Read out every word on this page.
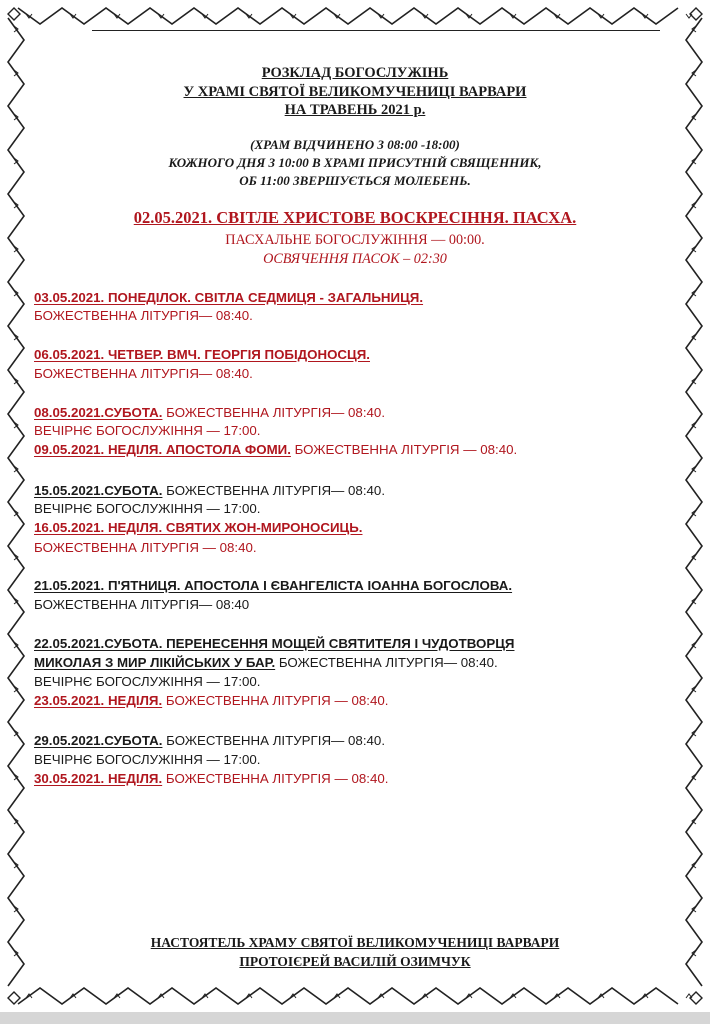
РОЗКЛАД БОГОСЛУЖІНЬ
У ХРАМІ СВЯТОЇ ВЕЛИКОМУЧЕНИЦІ ВАРВАРИ
НА ТРАВЕНЬ 2021 р.
(ХРАМ ВІДЧИНЕНО З 08:00 -18:00)
КОЖНОГО ДНЯ З 10:00 В ХРАМІ ПРИСУТНІЙ СВЯЩЕННИК,
ОБ 11:00 ЗВЕРШУЄТЬСЯ МОЛЕБЕНЬ.
02.05.2021. СВІТЛЕ ХРИСТОВЕ ВОСКРЕСІННЯ. ПАСХА.
ПАСХАЛЬНЕ БОГОСЛУЖІННЯ — 00:00.
ОСВЯЧЕННЯ ПАСОК – 02:30
03.05.2021. ПОНЕДІЛОК. СВІТЛА СЕДМИЦЯ - ЗАГАЛЬНИЦЯ.
БОЖЕСТВЕННА ЛІТУРГІЯ— 08:40.
06.05.2021. ЧЕТВЕР. ВМЧ. ГЕОРГІЯ ПОБІДОНОСЦЯ.
БОЖЕСТВЕННА ЛІТУРГІЯ— 08:40.
08.05.2021.СУБОТА. БОЖЕСТВЕННА ЛІТУРГІЯ— 08:40.
ВЕЧІРНЄ БОГОСЛУЖІННЯ — 17:00.
09.05.2021. НЕДІЛЯ. АПОСТОЛА ФОМИ. БОЖЕСТВЕННА ЛІТУРГІЯ — 08:40.
15.05.2021.СУБОТА. БОЖЕСТВЕННА ЛІТУРГІЯ— 08:40.
ВЕЧІРНЄ БОГОСЛУЖІННЯ — 17:00.
16.05.2021. НЕДІЛЯ. СВЯТИХ ЖОН-МИРОНОСИЦЬ.
БОЖЕСТВЕННА ЛІТУРГІЯ — 08:40.
21.05.2021. П'ЯТНИЦЯ. АПОСТОЛА І ЄВАНГЕЛІСТА ІОАННА БОГОСЛОВА.
БОЖЕСТВЕННА ЛІТУРГІЯ— 08:40
22.05.2021.СУБОТА. ПЕРЕНЕСЕННЯ МОЩЕЙ СВЯТИТЕЛЯ І ЧУДОТВОРЦЯ
МИКОЛАЯ З МИР ЛІКІЙСЬКИХ У БАР. БОЖЕСТВЕННА ЛІТУРГІЯ— 08:40.
ВЕЧІРНЄ БОГОСЛУЖІННЯ — 17:00.
23.05.2021. НЕДІЛЯ. БОЖЕСТВЕННА ЛІТУРГІЯ — 08:40.
29.05.2021.СУБОТА. БОЖЕСТВЕННА ЛІТУРГІЯ— 08:40.
ВЕЧІРНЄ БОГОСЛУЖІННЯ — 17:00.
30.05.2021. НЕДІЛЯ. БОЖЕСТВЕННА ЛІТУРГІЯ — 08:40.
НАСТОЯТЕЛЬ ХРАМУ СВЯТОЇ ВЕЛИКОМУЧЕНИЦІ ВАРВАРИ
ПРОТОІЄРЕЙ ВАСИЛІЙ ОЗИМЧУК
